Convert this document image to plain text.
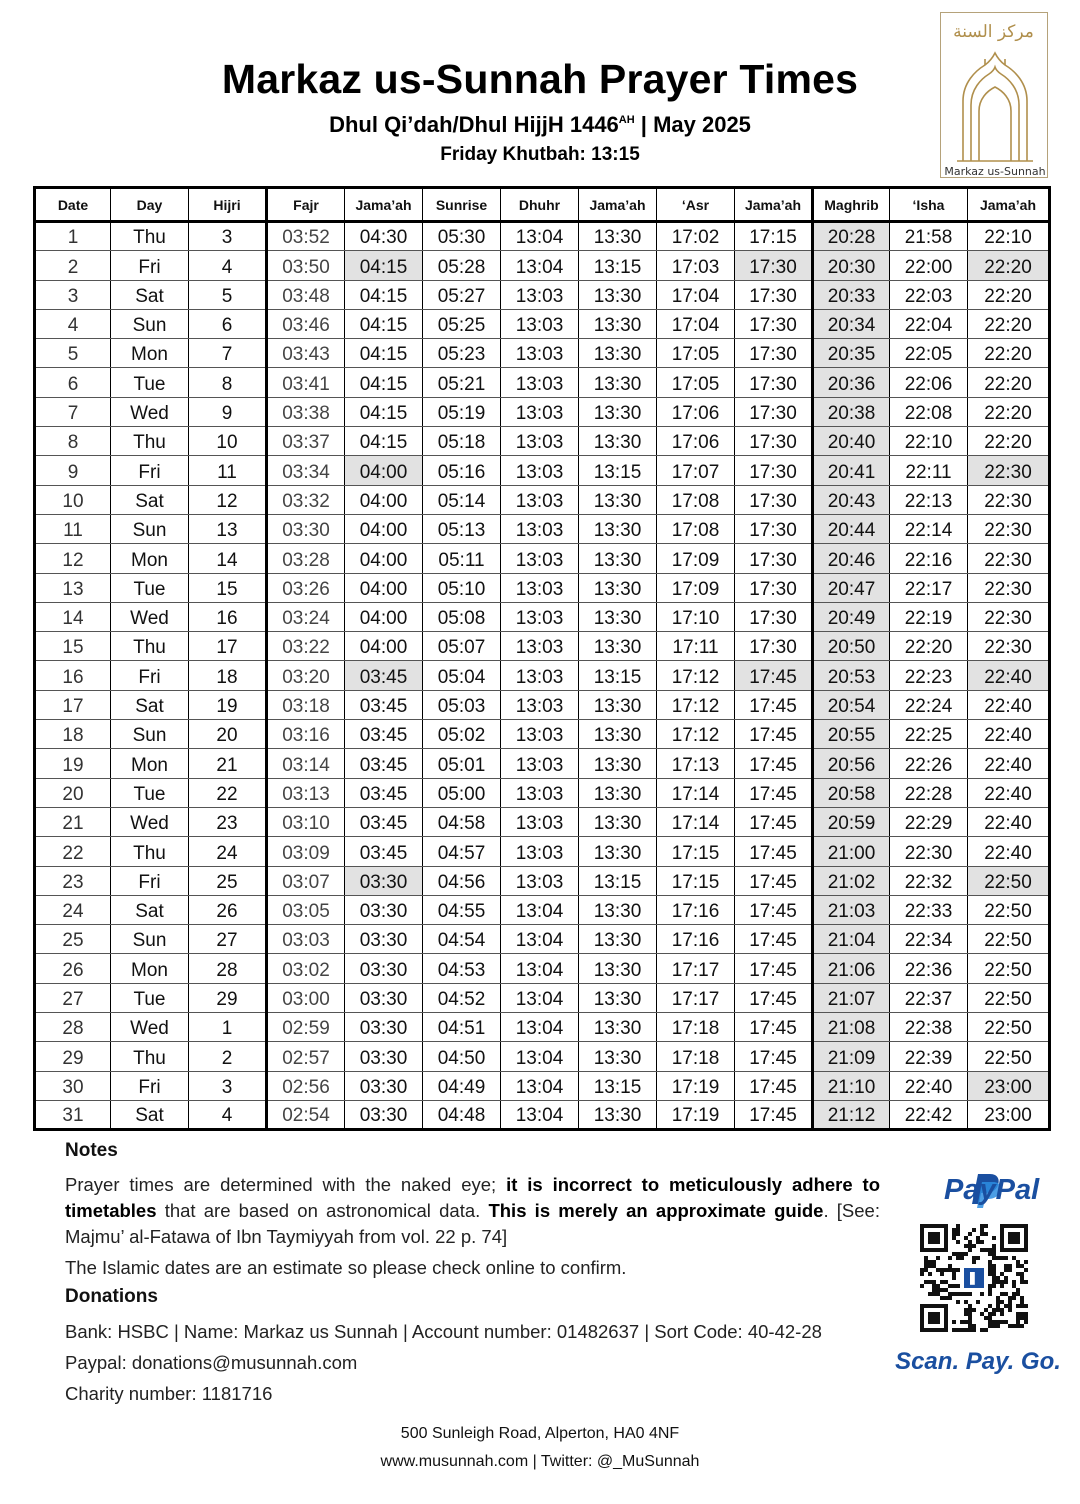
Markaz us-Sunnah Prayer Times
Dhul Qi’dah/Dhul HijjH $1446^{AH}$ | May 2025
Friday Khutbah: 13:15
مركز السنة
Markaz us-Sunnah
Date	Day	Hijri	Fajr	Jama’ah	Sunrise	Dhuhr	Jama’ah	‘Asr	Jama’ah	Maghrib	‘Isha	Jama’ah
1	Thu	3	03:52	04:30	05:30	13:04	13:30	17:02	17:15	20:28	21:58	22:10
2	Fri	4	03:50	04:15	05:28	13:04	13:15	17:03	17:30	20:30	22:00	22:20
3	Sat	5	03:48	04:15	05:27	13:03	13:30	17:04	17:30	20:33	22:03	22:20
4	Sun	6	03:46	04:15	05:25	13:03	13:30	17:04	17:30	20:34	22:04	22:20
5	Mon	7	03:43	04:15	05:23	13:03	13:30	17:05	17:30	20:35	22:05	22:20
6	Tue	8	03:41	04:15	05:21	13:03	13:30	17:05	17:30	20:36	22:06	22:20
7	Wed	9	03:38	04:15	05:19	13:03	13:30	17:06	17:30	20:38	22:08	22:20
8	Thu	10	03:37	04:15	05:18	13:03	13:30	17:06	17:30	20:40	22:10	22:20
9	Fri	11	03:34	04:00	05:16	13:03	13:15	17:07	17:30	20:41	22:11	22:30
10	Sat	12	03:32	04:00	05:14	13:03	13:30	17:08	17:30	20:43	22:13	22:30
11	Sun	13	03:30	04:00	05:13	13:03	13:30	17:08	17:30	20:44	22:14	22:30
12	Mon	14	03:28	04:00	05:11	13:03	13:30	17:09	17:30	20:46	22:16	22:30
13	Tue	15	03:26	04:00	05:10	13:03	13:30	17:09	17:30	20:47	22:17	22:30
14	Wed	16	03:24	04:00	05:08	13:03	13:30	17:10	17:30	20:49	22:19	22:30
15	Thu	17	03:22	04:00	05:07	13:03	13:30	17:11	17:30	20:50	22:20	22:30
16	Fri	18	03:20	03:45	05:04	13:03	13:15	17:12	17:45	20:53	22:23	22:40
17	Sat	19	03:18	03:45	05:03	13:03	13:30	17:12	17:45	20:54	22:24	22:40
18	Sun	20	03:16	03:45	05:02	13:03	13:30	17:12	17:45	20:55	22:25	22:40
19	Mon	21	03:14	03:45	05:01	13:03	13:30	17:13	17:45	20:56	22:26	22:40
20	Tue	22	03:13	03:45	05:00	13:03	13:30	17:14	17:45	20:58	22:28	22:40
21	Wed	23	03:10	03:45	04:58	13:03	13:30	17:14	17:45	20:59	22:29	22:40
22	Thu	24	03:09	03:45	04:57	13:03	13:30	17:15	17:45	21:00	22:30	22:40
23	Fri	25	03:07	03:30	04:56	13:03	13:15	17:15	17:45	21:02	22:32	22:50
24	Sat	26	03:05	03:30	04:55	13:04	13:30	17:16	17:45	21:03	22:33	22:50
25	Sun	27	03:03	03:30	04:54	13:04	13:30	17:16	17:45	21:04	22:34	22:50
26	Mon	28	03:02	03:30	04:53	13:04	13:30	17:17	17:45	21:06	22:36	22:50
27	Tue	29	03:00	03:30	04:52	13:04	13:30	17:17	17:45	21:07	22:37	22:50
28	Wed	1	02:59	03:30	04:51	13:04	13:30	17:18	17:45	21:08	22:38	22:50
29	Thu	2	02:57	03:30	04:50	13:04	13:30	17:18	17:45	21:09	22:39	22:50
30	Fri	3	02:56	03:30	04:49	13:04	13:15	17:19	17:45	21:10	22:40	23:00
31	Sat	4	02:54	03:30	04:48	13:04	13:30	17:19	17:45	21:12	22:42	23:00
Notes

Prayer times are determined with the naked eye; it is incorrect to meticulously adhere to timetables that are based on astronomical data. This is merely an approximate guide. [See: Majmu’ al-Fatawa of Ibn Taymiyyah from vol. 22 p. 74]

The Islamic dates are an estimate so please check online to confirm.

Donations

Bank: HSBC | Name: Markaz us Sunnah | Account number: 01482637 | Sort Code: 40-42-28

Paypal: donations@musunnah.com

Charity number: 1181716

PayPal
Scan. Pay. Go.
500 Sunleigh Road, Alperton, HA0 4NF
www.musunnah.com | Twitter: @_MuSunnah
